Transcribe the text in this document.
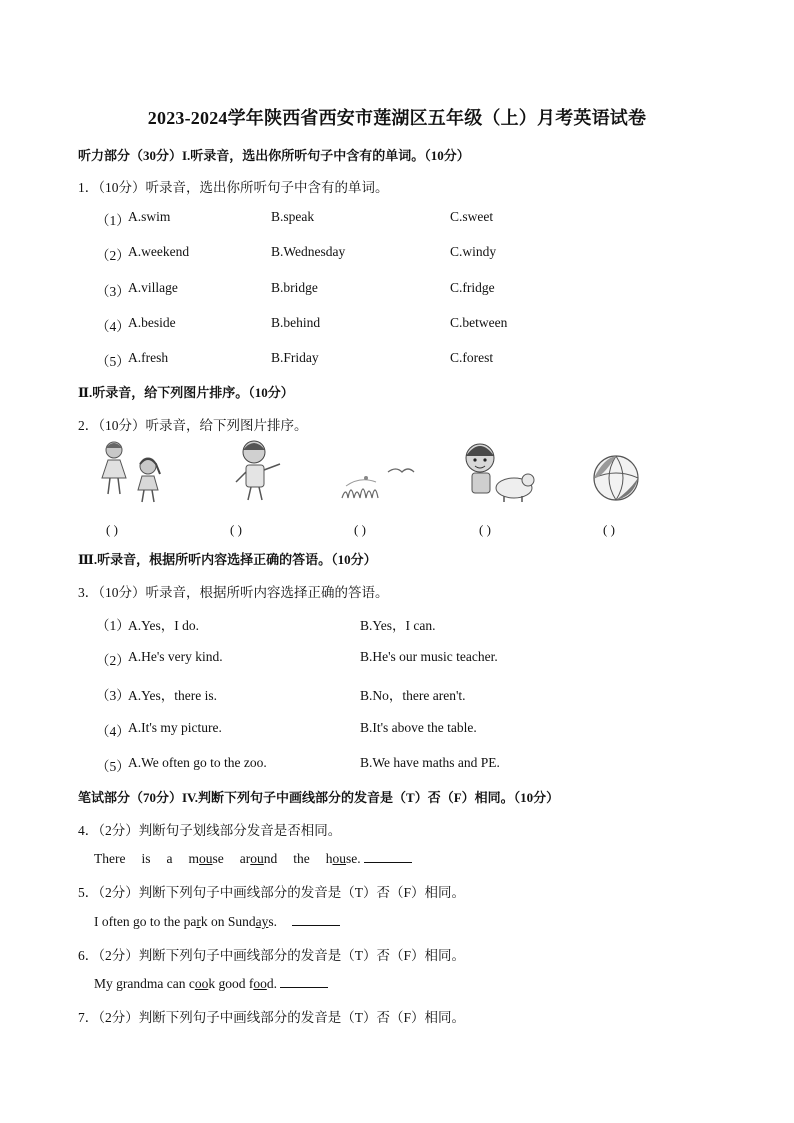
2023-2024学年陕西省西安市莲湖区五年级（上）月考英语试卷
听力部分（30分）I.听录音，选出你所听句子中含有的单词。（10分）
1．（10分）听录音，选出你所听句子中含有的单词。
（1）
A.swim	B.speak	C.sweet
（2）
A.weekend	B.Wednesday	C.windy
（3）
A.village	B.bridge	C.fridge
（4）
A.beside	B.behind	C.between
（5）
A.fresh	B.Friday	C.forest
Ⅱ.听录音，给下列图片排序。（10分）
2．（10分）听录音，给下列图片排序。
( )	( )	( )	( )	( )
Ⅲ.听录音，根据所听内容选择正确的答语。（10分）
3．（10分）听录音，根据所听内容选择正确的答语。
（1）
A.Yes，I do.	B.Yes，I can.
（2）
A.He's very kind.	B.He's our music teacher.
（3）
A.Yes，there is.	B.No，there aren't.
（4）
A.It's my picture.	B.It's above the table.
（5）
A.We often go to the zoo.	B.We have maths and PE.
笔试部分（70分）IV.判断下列句子中画线部分的发音是（T）否（F）相同。（10分）
4．（2分）判断句子划线部分发音是否相同。
There is a mouse around the house.
5．（2分）判断下列句子中画线部分的发音是（T）否（F）相同。
I often go to the park on Sundays.
6．（2分）判断下列句子中画线部分的发音是（T）否（F）相同。
My grandma can cook good food.
7．（2分）判断下列句子中画线部分的发音是（T）否（F）相同。
